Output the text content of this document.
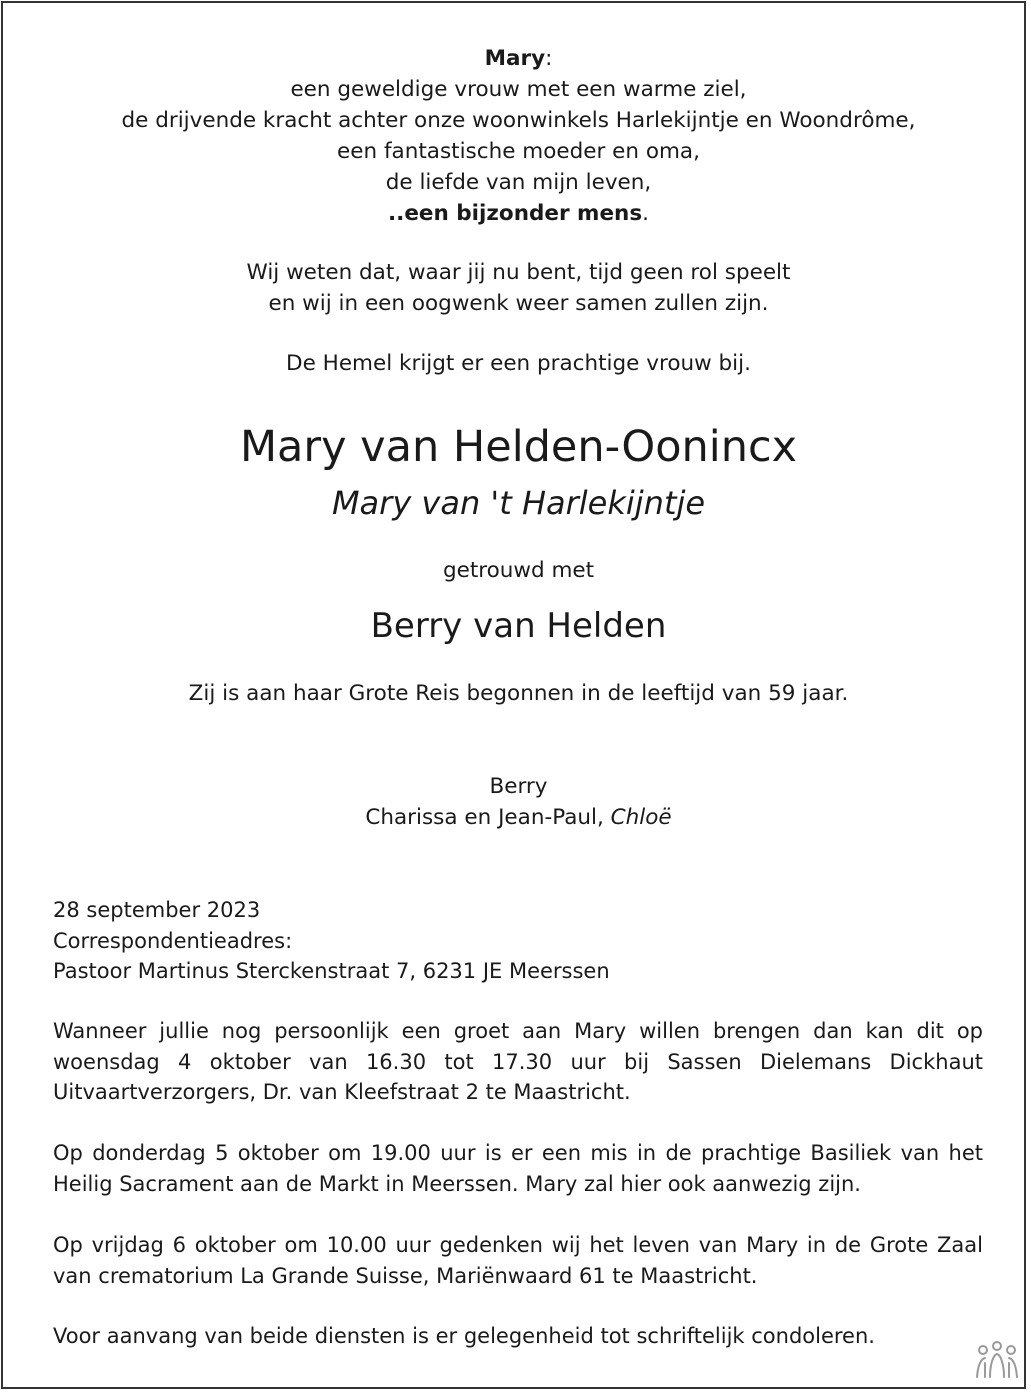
Mary:
een geweldige vrouw met een warme ziel,
de drijvende kracht achter onze woonwinkels Harlekijntje en Woondrôme,
een fantastische moeder en oma,
de liefde van mijn leven,
..een bijzonder mens.
Wij weten dat, waar jij nu bent, tijd geen rol speelt
en wij in een oogwenk weer samen zullen zijn.
De Hemel krijgt er een prachtige vrouw bij.
Mary van Helden-Oonincx
Mary van 't Harlekijntje
getrouwd met
Berry van Helden
Zij is aan haar Grote Reis begonnen in de leeftijd van 59 jaar.
Berry
Charissa en Jean-Paul, Chloë
28 september 2023
Correspondentieadres:
Pastoor Martinus Sterckenstraat 7, 6231 JE Meerssen
Wanneer jullie nog persoonlijk een groet aan Mary willen brengen dan kan dit op woensdag 4 oktober van 16.30 tot 17.30 uur bij Sassen Dielemans Dickhaut Uitvaartverzorgers, Dr. van Kleefstraat 2 te Maastricht.
Op donderdag 5 oktober om 19.00 uur is er een mis in de prachtige Basiliek van het Heilig Sacrament aan de Markt in Meerssen. Mary zal hier ook aanwezig zijn.
Op vrijdag 6 oktober om 10.00 uur gedenken wij het leven van Mary in de Grote Zaal van crematorium La Grande Suisse, Mariënwaard 61 te Maastricht.
Voor aanvang van beide diensten is er gelegenheid tot schriftelijk condoleren.
